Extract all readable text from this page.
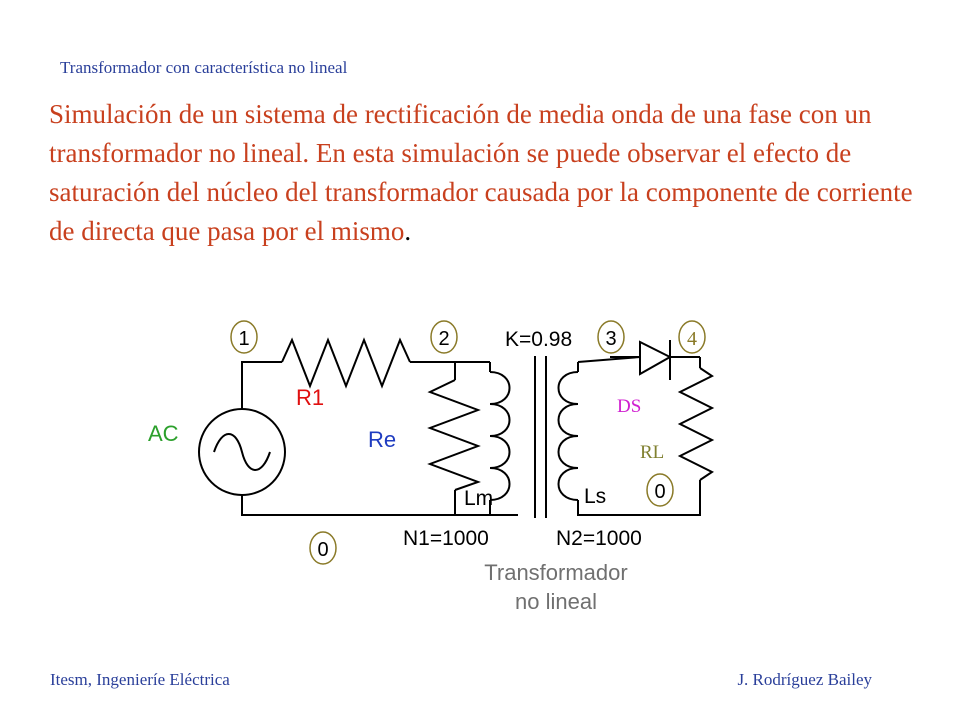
Transformador con característica no lineal
Simulación de un sistema de rectificación de media onda de una fase con un transformador no lineal. En esta simulación se puede observar el efecto de saturación del núcleo del transformador causada por la componente de corriente de directa que pasa por el mismo.
1	2	3	4
0
0
AC
R1
Re
Lm	Ls
K=0.98
DS
RL
N1=1000	N2=1000
Transformador
no lineal
Itesm, Ingenieríe Eléctrica	J. Rodríguez Bailey
